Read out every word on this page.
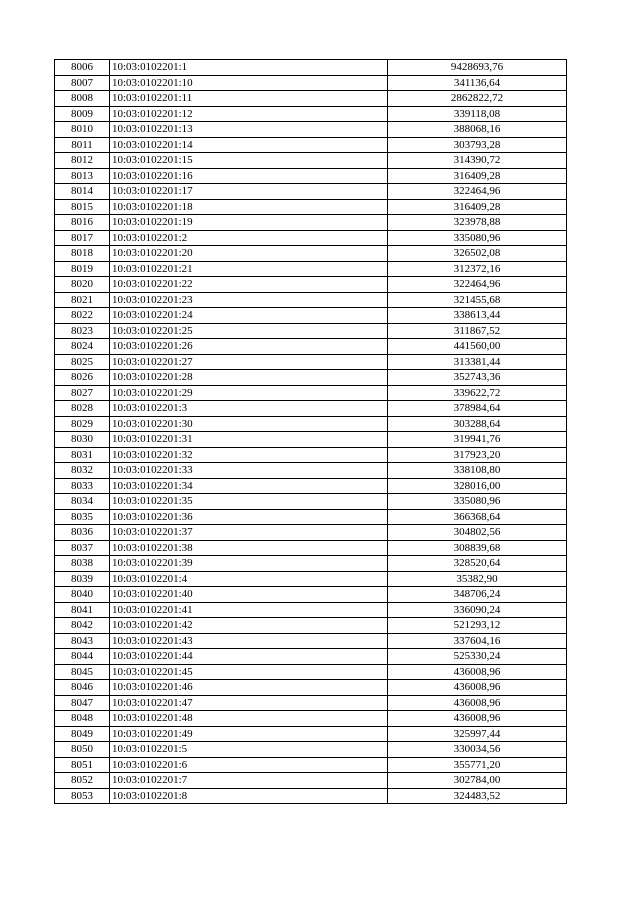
8006	10:03:0102201:1	9428693,76
8007	10:03:0102201:10	341136,64
8008	10:03:0102201:11	2862822,72
8009	10:03:0102201:12	339118,08
8010	10:03:0102201:13	388068,16
8011	10:03:0102201:14	303793,28
8012	10:03:0102201:15	314390,72
8013	10:03:0102201:16	316409,28
8014	10:03:0102201:17	322464,96
8015	10:03:0102201:18	316409,28
8016	10:03:0102201:19	323978,88
8017	10:03:0102201:2	335080,96
8018	10:03:0102201:20	326502,08
8019	10:03:0102201:21	312372,16
8020	10:03:0102201:22	322464,96
8021	10:03:0102201:23	321455,68
8022	10:03:0102201:24	338613,44
8023	10:03:0102201:25	311867,52
8024	10:03:0102201:26	441560,00
8025	10:03:0102201:27	313381,44
8026	10:03:0102201:28	352743,36
8027	10:03:0102201:29	339622,72
8028	10:03:0102201:3	378984,64
8029	10:03:0102201:30	303288,64
8030	10:03:0102201:31	319941,76
8031	10:03:0102201:32	317923,20
8032	10:03:0102201:33	338108,80
8033	10:03:0102201:34	328016,00
8034	10:03:0102201:35	335080,96
8035	10:03:0102201:36	366368,64
8036	10:03:0102201:37	304802,56
8037	10:03:0102201:38	308839,68
8038	10:03:0102201:39	328520,64
8039	10:03:0102201:4	35382,90
8040	10:03:0102201:40	348706,24
8041	10:03:0102201:41	336090,24
8042	10:03:0102201:42	521293,12
8043	10:03:0102201:43	337604,16
8044	10:03:0102201:44	525330,24
8045	10:03:0102201:45	436008,96
8046	10:03:0102201:46	436008,96
8047	10:03:0102201:47	436008,96
8048	10:03:0102201:48	436008,96
8049	10:03:0102201:49	325997,44
8050	10:03:0102201:5	330034,56
8051	10:03:0102201:6	355771,20
8052	10:03:0102201:7	302784,00
8053	10:03:0102201:8	324483,52
